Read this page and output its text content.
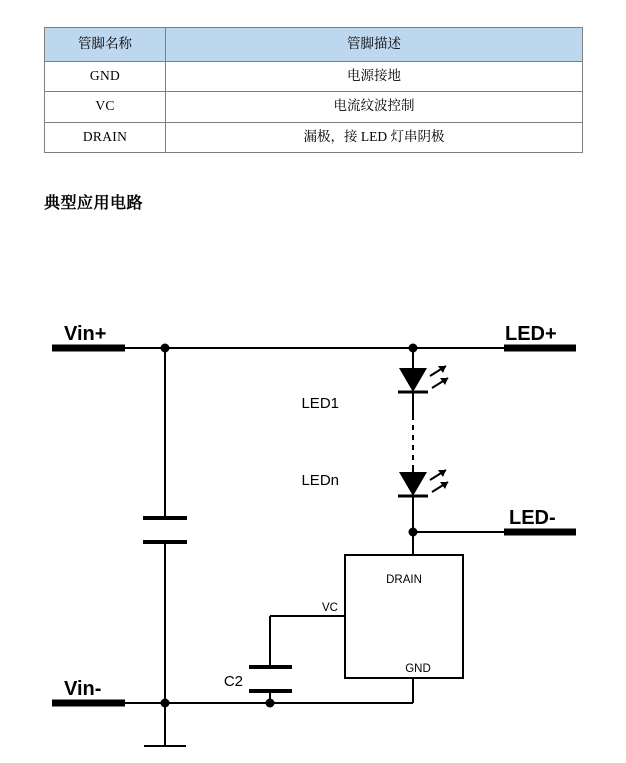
管脚名称	管脚描述
GND	电源接地
VC	电流纹波控制
DRAIN	漏极，接 LED 灯串阴极
典型应用电路
Vin+
Vin-
LED+
LED-
LED1
LEDn
C2
VC
DRAIN
GND
